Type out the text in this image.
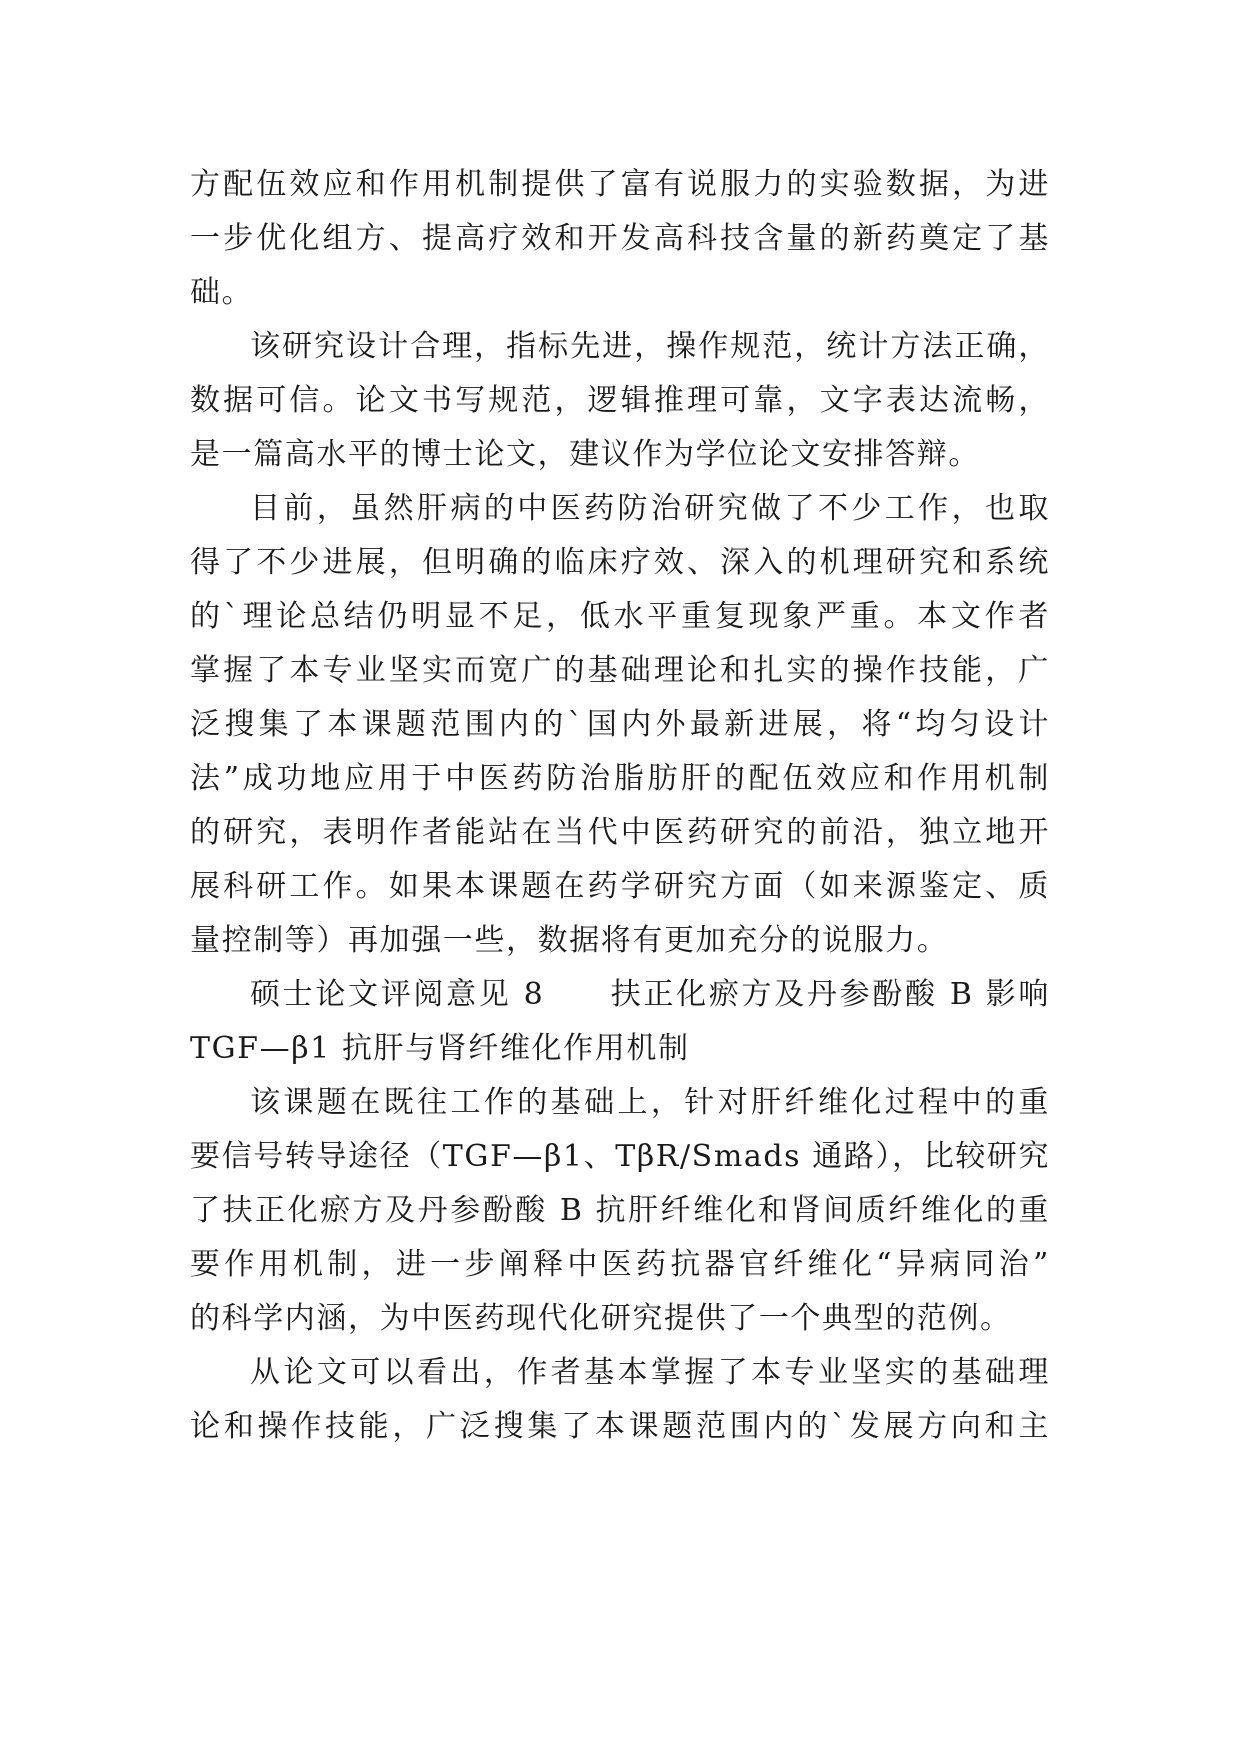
方配伍效应和作用机制提供了富有说服力的实验数据，为进
一步优化组方、提高疗效和开发高科技含量的新药奠定了基
础。
该研究设计合理，指标先进，操作规范，统计方法正确，
数据可信。论文书写规范，逻辑推理可靠，文字表达流畅，
是一篇高水平的博士论文，建议作为学位论文安排答辩。
目前，虽然肝病的中医药防治研究做了不少工作，也取
得了不少进展，但明确的临床疗效、深入的机理研究和系统
的`理论总结仍明显不足，低水平重复现象严重。本文作者
掌握了本专业坚实而宽广的基础理论和扎实的操作技能，广
泛搜集了本课题范围内的`国内外最新进展，将“均匀设计
法”成功地应用于中医药防治脂肪肝的配伍效应和作用机制
的研究，表明作者能站在当代中医药研究的前沿，独立地开
展科研工作。如果本课题在药学研究方面（如来源鉴定、质
量控制等）再加强一些，数据将有更加充分的说服力。
硕士论文评阅意见 8　　扶正化瘀方及丹参酚酸 B 影响
TGF—β1 抗肝与肾纤维化作用机制
该课题在既往工作的基础上，针对肝纤维化过程中的重
要信号转导途径（TGF—β1、TβR/Smads 通路），比较研究
了扶正化瘀方及丹参酚酸 B 抗肝纤维化和肾间质纤维化的重
要作用机制，进一步阐释中医药抗器官纤维化“异病同治”
的科学内涵，为中医药现代化研究提供了一个典型的范例。
从论文可以看出，作者基本掌握了本专业坚实的基础理
论和操作技能，广泛搜集了本课题范围内的`发展方向和主
